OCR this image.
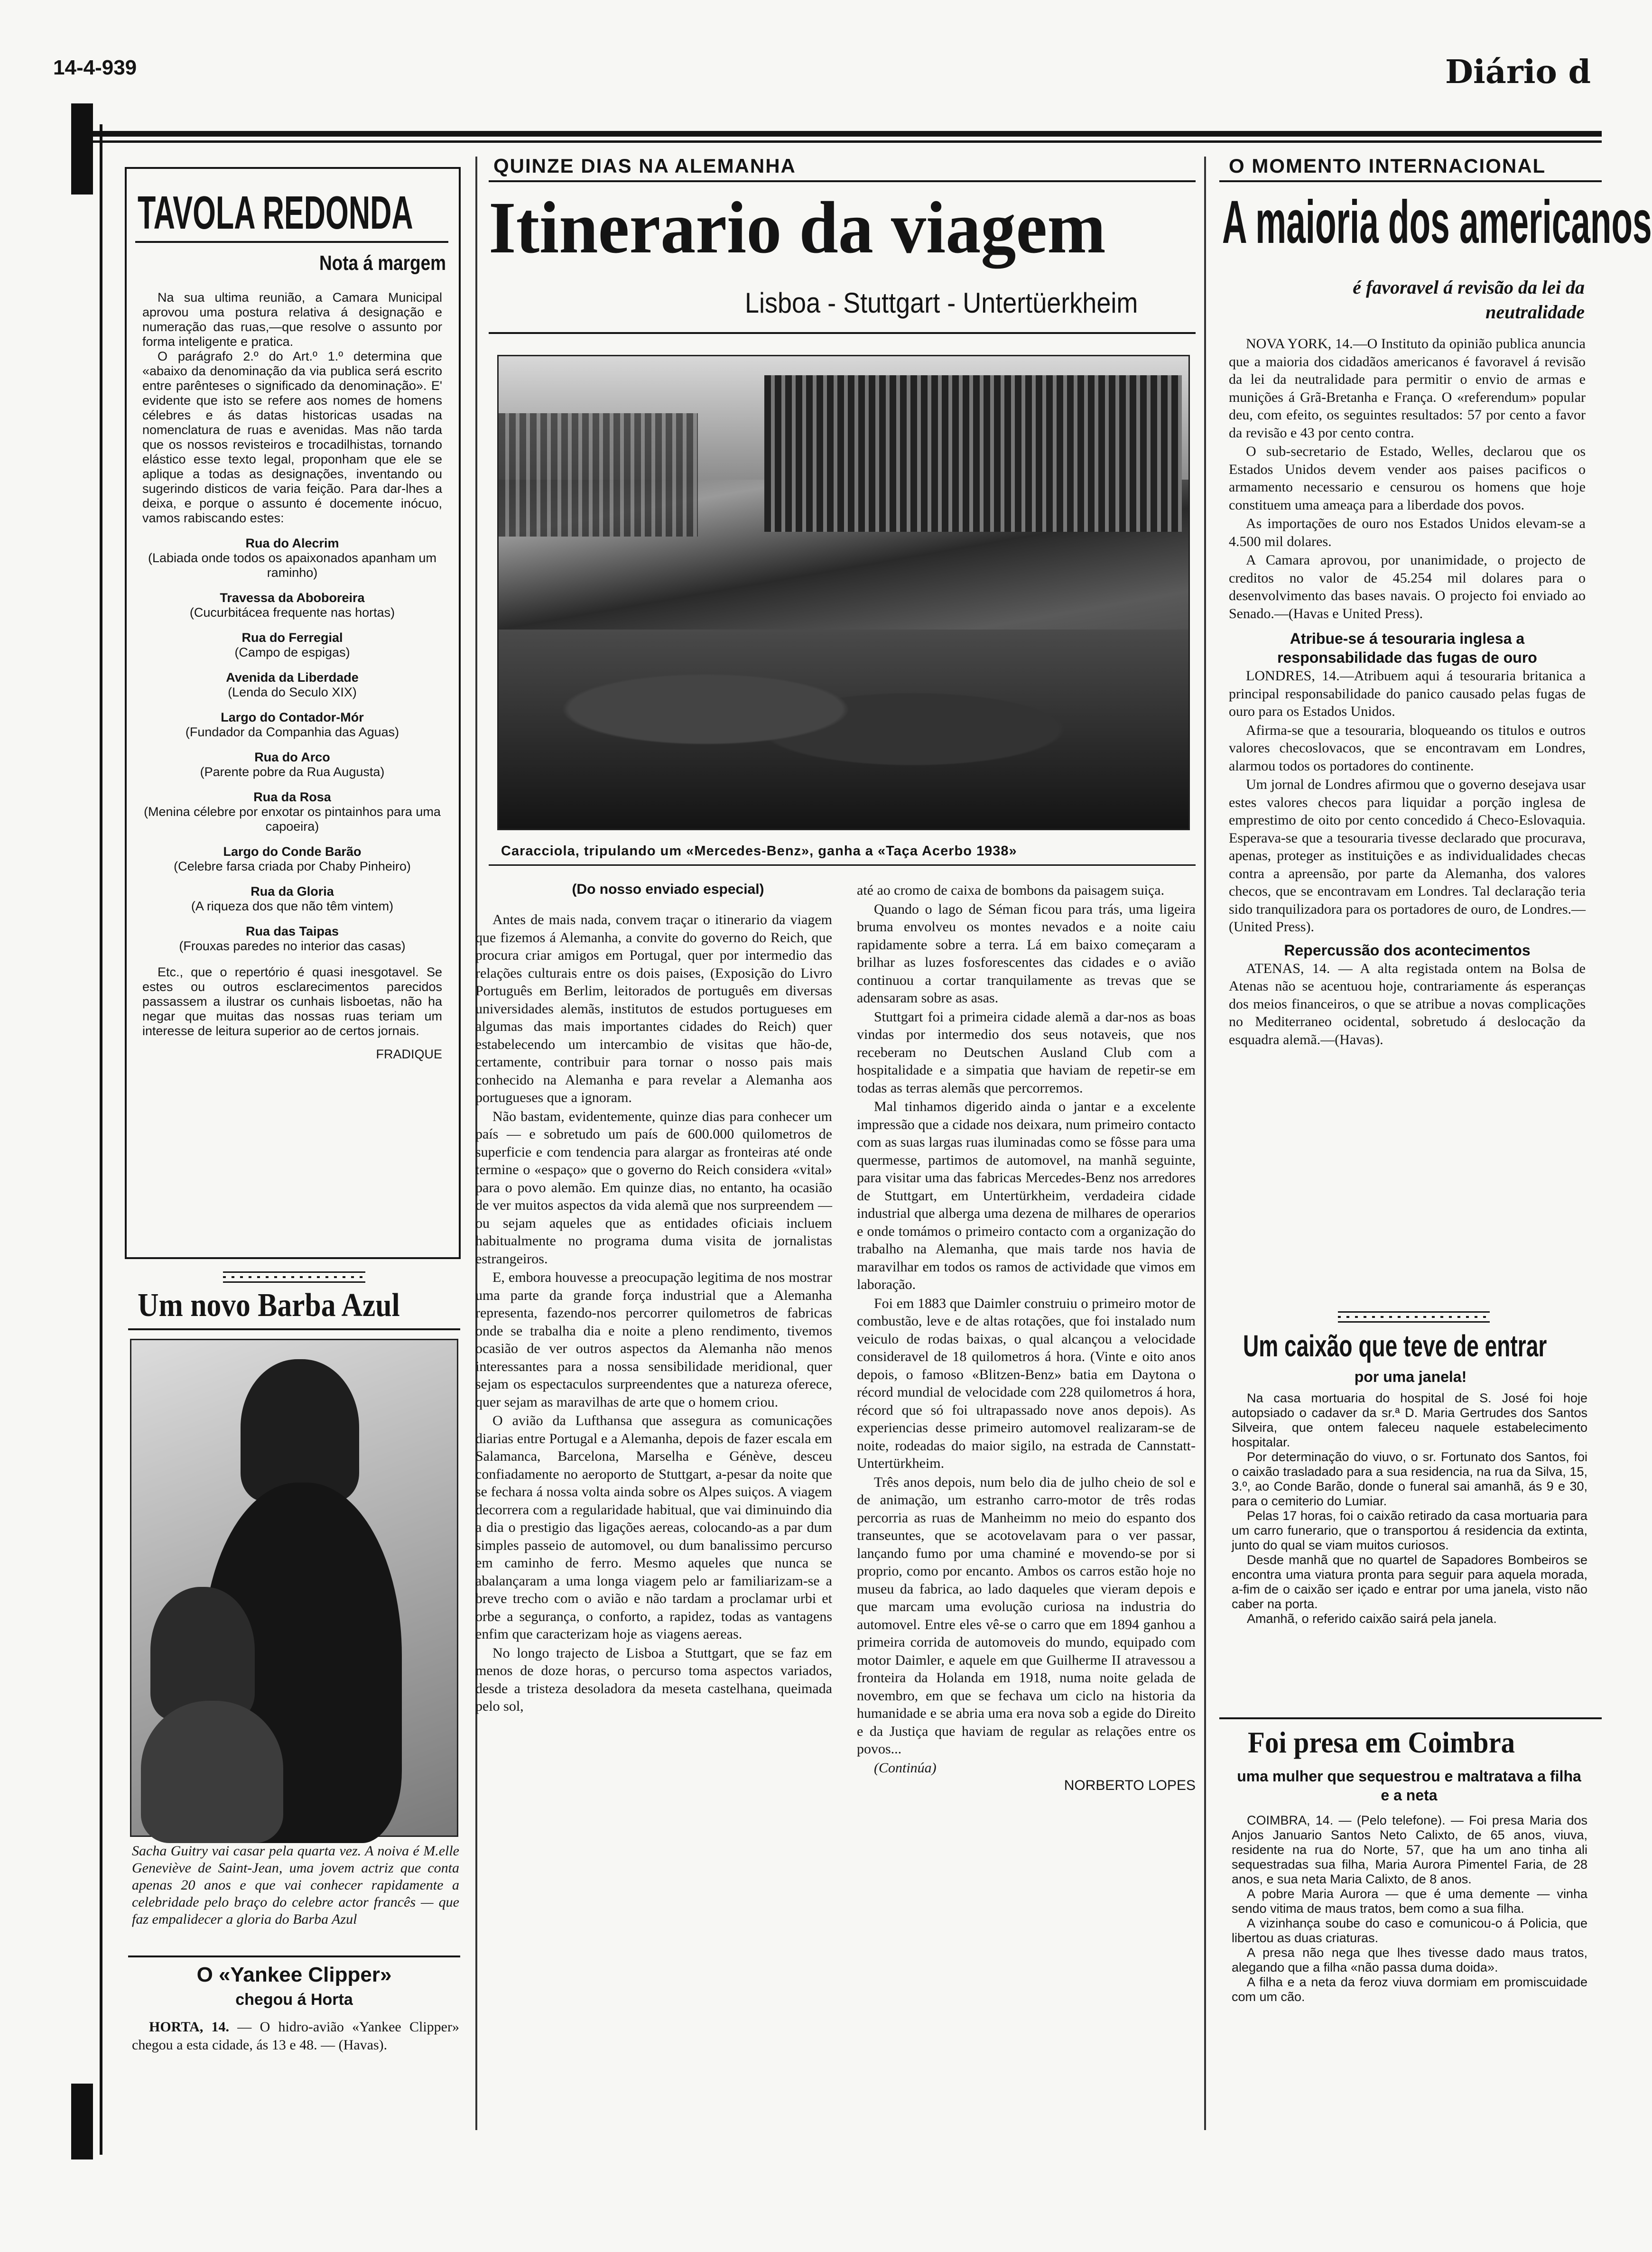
14-4-939	Diário d
TAVOLA REDONDA
Nota á margem

Na sua ultima reunião, a Camara Municipal aprovou uma postura relativa á designação e numeração das ruas,—que resolve o assunto por forma inteligente e pratica.

O parágrafo 2.º do Art.º 1.º determina que «abaixo da denominação da via publica será escrito entre parênteses o significado da denominação». E' evidente que isto se refere aos nomes de homens célebres e ás datas historicas usadas na nomenclatura de ruas e avenidas. Mas não tarda que os nossos revisteiros e trocadilhistas, tornando elástico esse texto legal, proponham que ele se aplique a todas as designações, inventando ou sugerindo disticos de varia feição. Para dar-lhes a deixa, e porque o assunto é docemente inócuo, vamos rabiscando estes:

Rua do Alecrim
(Labiada onde todos os apaixonados apanham um raminho)
Travessa da Aboboreira
(Cucurbitácea frequente nas hortas)
Rua do Ferregial
(Campo de espigas)
Avenida da Liberdade
(Lenda do Seculo XIX)
Largo do Contador-Mór
(Fundador da Companhia das Aguas)
Rua do Arco
(Parente pobre da Rua Augusta)
Rua da Rosa
(Menina célebre por enxotar os pintainhos para uma capoeira)
Largo do Conde Barão
(Celebre farsa criada por Chaby Pinheiro)
Rua da Gloria
(A riqueza dos que não têm vintem)
Rua das Taipas
(Frouxas paredes no interior das casas)

Etc., que o repertório é quasi inesgotavel. Se estes ou outros esclarecimentos parecidos passassem a ilustrar os cunhais lisboetas, não ha negar que muitas das nossas ruas teriam um interesse de leitura superior ao de certos jornais.

FRADIQUE
Um novo Barba Azul
Sacha Guitry vai casar pela quarta vez. A noiva é M.elle Geneviève de Saint-Jean, uma jovem actriz que conta apenas 20 anos e que vai conhecer rapidamente a celebridade pelo braço do celebre actor francês — que faz empalidecer a gloria do Barba Azul
O «Yankee Clipper»
chegou á Horta
HORTA, 14. — O hidro-avião «Yankee Clipper» chegou a esta cidade, ás 13 e 48. — (Havas).
QUINZE DIAS NA ALEMANHA
Itinerario da viagem
Lisboa - Stuttgart - Untertüerkheim
Caracciola, tripulando um «Mercedes-Benz», ganha a «Taça Acerbo 1938»
(Do nosso enviado especial)

Antes de mais nada, convem traçar o itinerario da viagem que fizemos á Alemanha, a convite do governo do Reich, que procura criar amigos em Portugal, quer por intermedio das relações culturais entre os dois paises, (Exposição do Livro Português em Berlim, leitorados de português em diversas universidades alemãs, institutos de estudos portugueses em algumas das mais importantes cidades do Reich) quer estabelecendo um intercambio de visitas que hão-de, certamente, contribuir para tornar o nosso pais mais conhecido na Alemanha e para revelar a Alemanha aos portugueses que a ignoram.

Não bastam, evidentemente, quinze dias para conhecer um país — e sobretudo um país de 600.000 quilometros de superficie e com tendencia para alargar as fronteiras até onde termine o «espaço» que o governo do Reich considera «vital» para o povo alemão. Em quinze dias, no entanto, ha ocasião de ver muitos aspectos da vida alemã que nos surpreendem — ou sejam aqueles que as entidades oficiais incluem habitualmente no programa duma visita de jornalistas estrangeiros.

E, embora houvesse a preocupação legitima de nos mostrar uma parte da grande força industrial que a Alemanha representa, fazendo-nos percorrer quilometros de fabricas onde se trabalha dia e noite a pleno rendimento, tivemos ocasião de ver outros aspectos da Alemanha não menos interessantes para a nossa sensibilidade meridional, quer sejam os espectaculos surpreendentes que a natureza oferece, quer sejam as maravilhas de arte que o homem criou.

O avião da Lufthansa que assegura as comunicações diarias entre Portugal e a Alemanha, depois de fazer escala em Salamanca, Barcelona, Marselha e Génève, desceu confiadamente no aeroporto de Stuttgart, a-pesar da noite que se fechara á nossa volta ainda sobre os Alpes suiços. A viagem decorrera com a regularidade habitual, que vai diminuindo dia a dia o prestigio das ligações aereas, colocando-as a par dum simples passeio de automovel, ou dum banalissimo percurso em caminho de ferro. Mesmo aqueles que nunca se abalançaram a uma longa viagem pelo ar familiarizam-se a breve trecho com o avião e não tardam a proclamar urbi et orbe a segurança, o conforto, a rapidez, todas as vantagens enfim que caracterizam hoje as viagens aereas.

No longo trajecto de Lisboa a Stuttgart, que se faz em menos de doze horas, o percurso toma aspectos variados, desde a tristeza desoladora da meseta castelhana, queimada pelo sol,

até ao cromo de caixa de bombons da paisagem suiça.

Quando o lago de Séman ficou para trás, uma ligeira bruma envolveu os montes nevados e a noite caiu rapidamente sobre a terra. Lá em baixo começaram a brilhar as luzes fosforescentes das cidades e o avião continuou a cortar tranquilamente as trevas que se adensaram sobre as asas.

Stuttgart foi a primeira cidade alemã a dar-nos as boas vindas por intermedio dos seus notaveis, que nos receberam no Deutschen Ausland Club com a hospitalidade e a simpatia que haviam de repetir-se em todas as terras alemãs que percorremos.

Mal tinhamos digerido ainda o jantar e a excelente impressão que a cidade nos deixara, num primeiro contacto com as suas largas ruas iluminadas como se fôsse para uma quermesse, partimos de automovel, na manhã seguinte, para visitar uma das fabricas Mercedes-Benz nos arredores de Stuttgart, em Untertürkheim, verdadeira cidade industrial que alberga uma dezena de milhares de operarios e onde tomámos o primeiro contacto com a organização do trabalho na Alemanha, que mais tarde nos havia de maravilhar em todos os ramos de actividade que vimos em laboração.

Foi em 1883 que Daimler construiu o primeiro motor de combustão, leve e de altas rotações, que foi instalado num veiculo de rodas baixas, o qual alcançou a velocidade consideravel de 18 quilometros á hora. (Vinte e oito anos depois, o famoso «Blitzen-Benz» batia em Daytona o récord mundial de velocidade com 228 quilometros á hora, récord que só foi ultrapassado nove anos depois). As experiencias desse primeiro automovel realizaram-se de noite, rodeadas do maior sigilo, na estrada de Cannstatt-Untertürkheim.

Três anos depois, num belo dia de julho cheio de sol e de animação, um estranho carro-motor de três rodas percorria as ruas de Manheimm no meio do espanto dos transeuntes, que se acotovelavam para o ver passar, lançando fumo por uma chaminé e movendo-se por si proprio, como por encanto. Ambos os carros estão hoje no museu da fabrica, ao lado daqueles que vieram depois e que marcam uma evolução curiosa na industria do automovel. Entre eles vê-se o carro que em 1894 ganhou a primeira corrida de automoveis do mundo, equipado com motor Daimler, e aquele em que Guilherme II atravessou a fronteira da Holanda em 1918, numa noite gelada de novembro, em que se fechava um ciclo na historia da humanidade e se abria uma era nova sob a egide do Direito e da Justiça que haviam de regular as relações entre os povos...

(Continúa)
NORBERTO LOPES
O MOMENTO INTERNACIONAL
A maioria dos americanos
é favoravel á revisão da lei da neutralidade

NOVA YORK, 14.—O Instituto da opinião publica anuncia que a maioria dos cidadãos americanos é favoravel á revisão da lei da neutralidade para permitir o envio de armas e munições á Grã-Bretanha e França. O «referendum» popular deu, com efeito, os seguintes resultados: 57 por cento a favor da revisão e 43 por cento contra.

O sub-secretario de Estado, Welles, declarou que os Estados Unidos devem vender aos paises pacificos o armamento necessario e censurou os homens que hoje constituem uma ameaça para a liberdade dos povos.

As importações de ouro nos Estados Unidos elevam-se a 4.500 mil dolares.

A Camara aprovou, por unanimidade, o projecto de creditos no valor de 45.254 mil dolares para o desenvolvimento das bases navais. O projecto foi enviado ao Senado.—(Havas e United Press).

Atribue-se á tesouraria inglesa a responsabilidade das fugas de ouro

LONDRES, 14.—Atribuem aqui á tesouraria britanica a principal responsabilidade do panico causado pelas fugas de ouro para os Estados Unidos.

Afirma-se que a tesouraria, bloqueando os titulos e outros valores checoslovacos, que se encontravam em Londres, alarmou todos os portadores do continente.

Um jornal de Londres afirmou que o governo desejava usar estes valores checos para liquidar a porção inglesa de emprestimo de oito por cento concedido á Checo-Eslovaquia. Esperava-se que a tesouraria tivesse declarado que procurava, apenas, proteger as instituições e as individualidades checas contra a apreensão, por parte da Alemanha, dos valores checos, que se encontravam em Londres. Tal declaração teria sido tranquilizadora para os portadores de ouro, de Londres.—(United Press).

Repercussão dos acontecimentos

ATENAS, 14. — A alta registada ontem na Bolsa de Atenas não se acentuou hoje, contrariamente ás esperanças dos meios financeiros, o que se atribue a novas complicações no Mediterraneo ocidental, sobretudo á deslocação da esquadra alemã.—(Havas).

Um caixão que teve de entrar
por uma janela!

Na casa mortuaria do hospital de S. José foi hoje autopsiado o cadaver da sr.ª D. Maria Gertrudes dos Santos Silveira, que ontem faleceu naquele estabelecimento hospitalar.

Por determinação do viuvo, o sr. Fortunato dos Santos, foi o caixão trasladado para a sua residencia, na rua da Silva, 15, 3.º, ao Conde Barão, donde o funeral sai amanhã, ás 9 e 30, para o cemiterio do Lumiar.

Pelas 17 horas, foi o caixão retirado da casa mortuaria para um carro funerario, que o transportou á residencia da extinta, junto do qual se viam muitos curiosos.

Desde manhã que no quartel de Sapadores Bombeiros se encontra uma viatura pronta para seguir para aquela morada, a-fim de o caixão ser içado e entrar por uma janela, visto não caber na porta.

Amanhã, o referido caixão sairá pela janela.

Foi presa em Coimbra
uma mulher que sequestrou e maltratava a filha e a neta

COIMBRA, 14. — (Pelo telefone). — Foi presa Maria dos Anjos Januario Santos Neto Calixto, de 65 anos, viuva, residente na rua do Norte, 57, que ha um ano tinha ali sequestradas sua filha, Maria Aurora Pimentel Faria, de 28 anos, e sua neta Maria Calixto, de 8 anos.

A pobre Maria Aurora — que é uma demente — vinha sendo vitima de maus tratos, bem como a sua filha.

A vizinhança soube do caso e comunicou-o á Policia, que libertou as duas criaturas.

A presa não nega que lhes tivesse dado maus tratos, alegando que a filha «não passa duma doida».

A filha e a neta da feroz viuva dormiam em promiscuidade com um cão.
